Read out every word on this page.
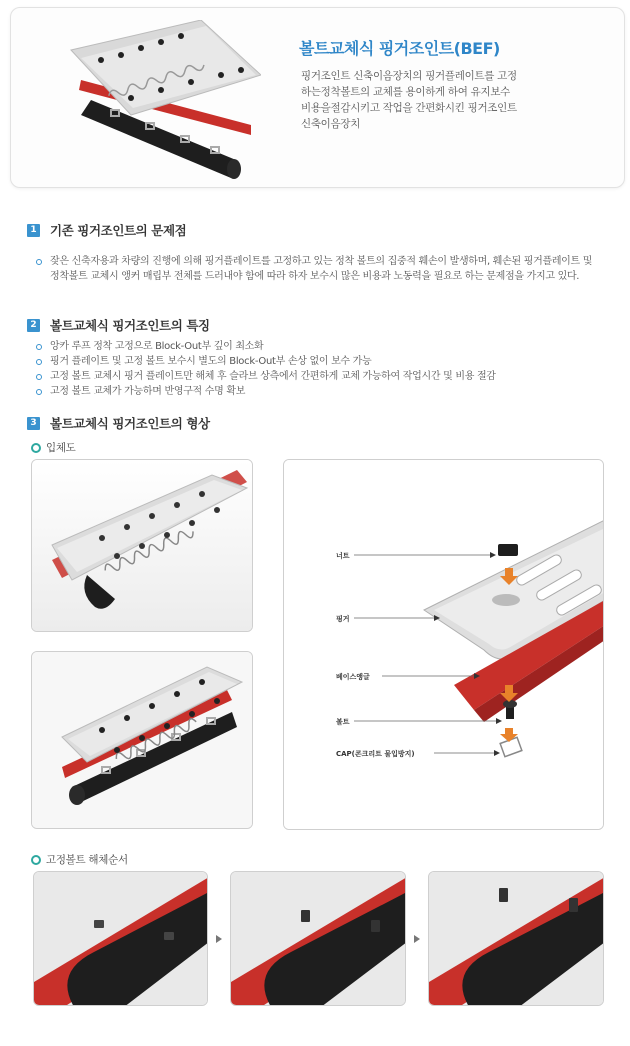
볼트교체식 핑거조인트(BEF)
핑거조인트 신축이음장치의 핑거플레이트를 고정하는정착볼트의 교체를 용이하게 하여 유지보수 비용을절감시키고 작업을 간편화시킨 핑거조인트 신축이음장치
1 기존 핑거조인트의 문제점
잦은 신축자용과 차량의 진행에 의해 핑거플레이트를 고정하고 있는 정착 볼트의 집중적 훼손이 발생하며, 훼손된 핑거플레이트 및 정착볼트 교체시 앵커 매립부 전체를 드러내야 함에 따라 하자 보수시 많은 비용과 노동력을 필요로 하는 문제점을 가지고 있다.
2 볼트교체식 핑거조인트의 특징
앙카 루프 정착 고정으로 Block-Out부 깊이 최소화
핑거 플레이트 및 고정 볼트 보수시 별도의 Block-Out부 손상 없이 보수 가능
고정 볼트 교체시 핑거 플레이트만 해체 후 슬라브 상측에서 간편하게 교체 가능하여 작업시간 및 비용 절감
고정 볼트 교체가 가능하며 반영구적 수명 확보
3 볼트교체식 핑거조인트의 형상
입체도
너트
핑거
베이스앵글
볼트
CAP(콘크리트 물입방지)
고정볼트 해체순서
